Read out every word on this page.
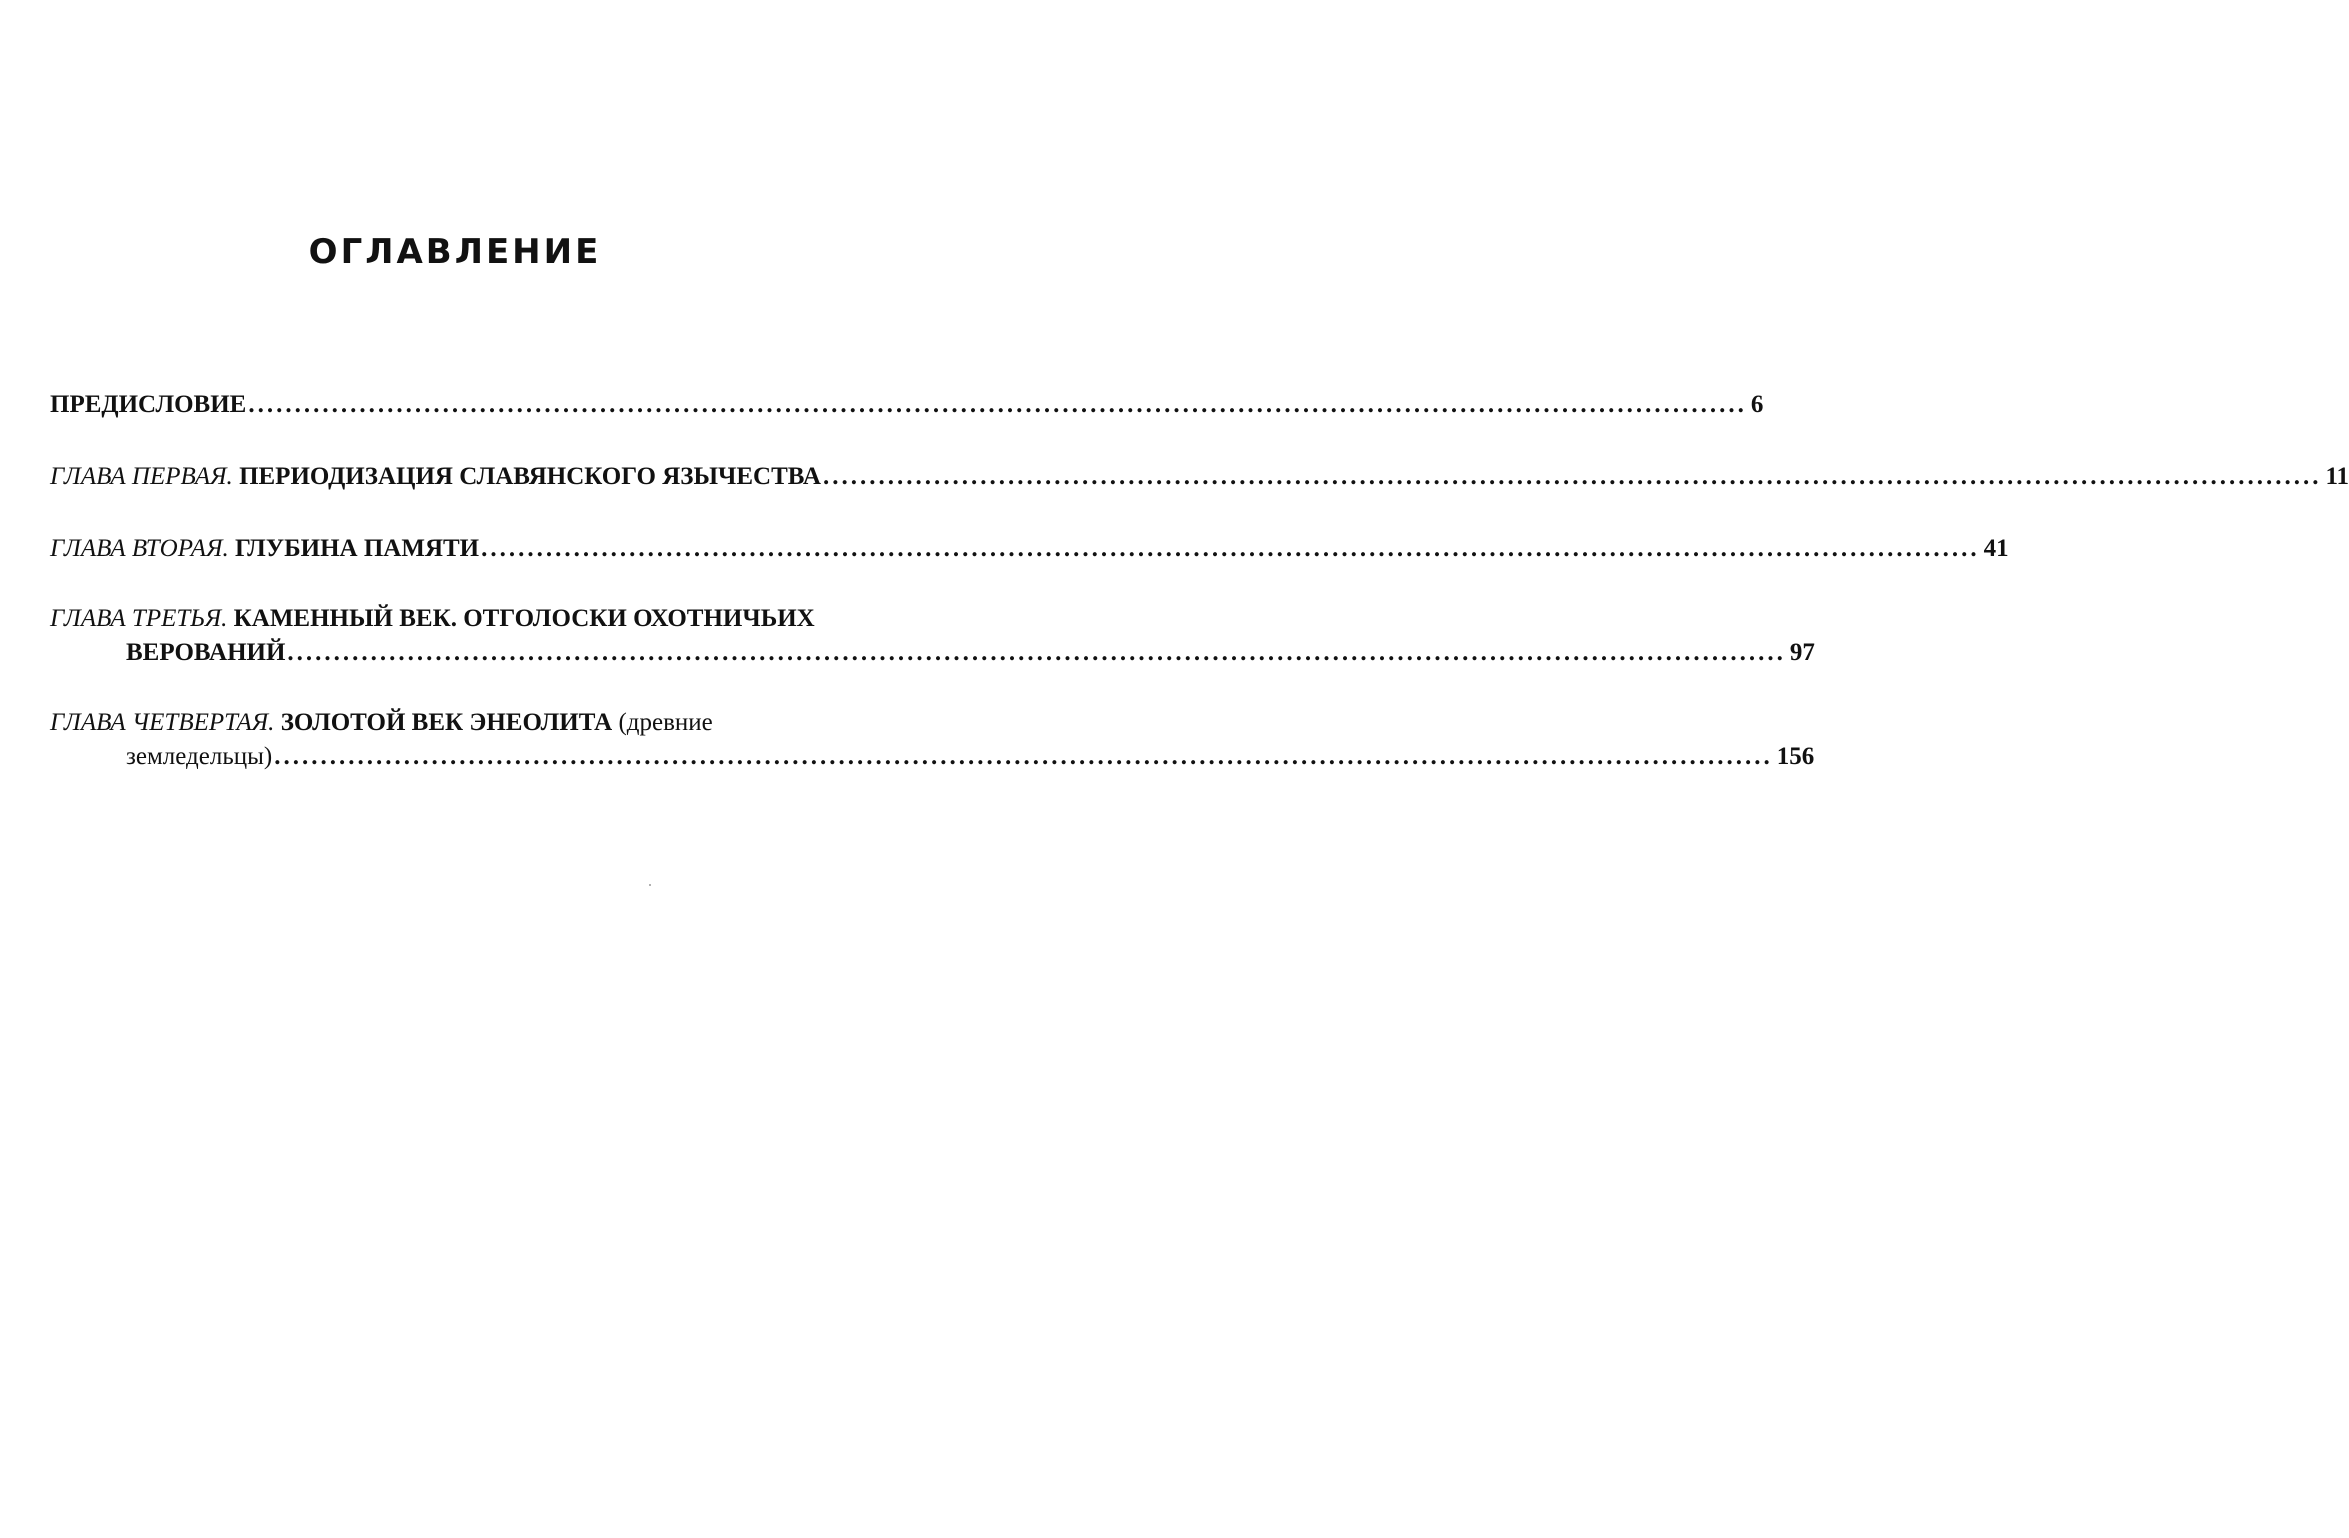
ОГЛАВЛЕНИЕ
ПРЕДИСЛОВИЕ .................................................................................................................................................................. 6
ГЛАВА ПЕРВАЯ. ПЕРИОДИЗАЦИЯ СЛАВЯНСКОГО ЯЗЫЧЕСТВА .................................................................................................................................................................. 11
ГЛАВА ВТОРАЯ. ГЛУБИНА ПАМЯТИ .................................................................................................................................................................. 41
ГЛАВА ТРЕТЬЯ. КАМЕННЫЙ ВЕК. ОТГОЛОСКИ ОХОТНИЧЬИХ
ВЕРОВАНИЙ .................................................................................................................................................................. 97
ГЛАВА ЧЕТВЕРТАЯ. ЗОЛОТОЙ ВЕК ЭНЕОЛИТА (древние
земледельцы) .................................................................................................................................................................. 156
